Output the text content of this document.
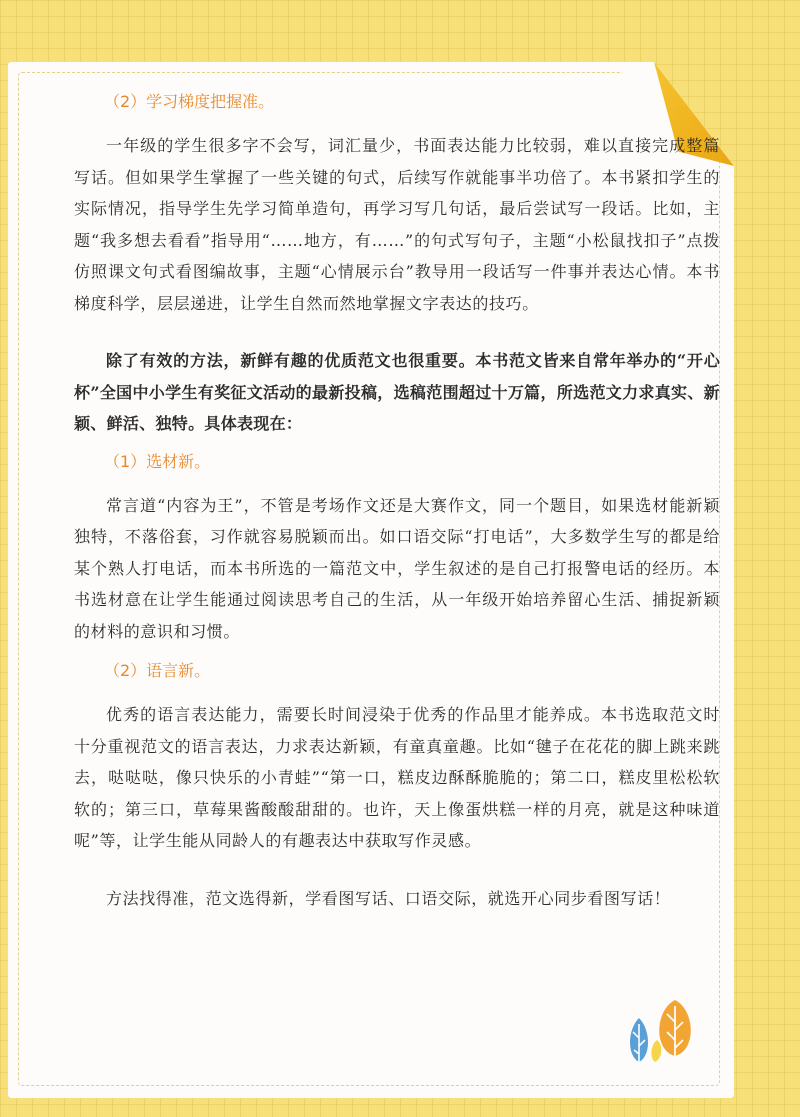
（2）学习梯度把握准。

一年级的学生很多字不会写，词汇量少，书面表达能力比较弱，难以直接完成整篇写话。但如果学生掌握了一些关键的句式，后续写作就能事半功倍了。本书紧扣学生的实际情况，指导学生先学习简单造句，再学习写几句话，最后尝试写一段话。比如，主题“我多想去看看”指导用“……地方，有……”的句式写句子，主题“小松鼠找扣子”点拨仿照课文句式看图编故事，主题“心情展示台”教导用一段话写一件事并表达心情。本书梯度科学，层层递进，让学生自然而然地掌握文字表达的技巧。

除了有效的方法，新鲜有趣的优质范文也很重要。本书范文皆来自常年举办的“开心杯”全国中小学生有奖征文活动的最新投稿，选稿范围超过十万篇，所选范文力求真实、新颖、鲜活、独特。具体表现在：

（1）选材新。

常言道“内容为王”，不管是考场作文还是大赛作文，同一个题目，如果选材能新颖独特，不落俗套，习作就容易脱颖而出。如口语交际“打电话”，大多数学生写的都是给某个熟人打电话，而本书所选的一篇范文中，学生叙述的是自己打报警电话的经历。本书选材意在让学生能通过阅读思考自己的生活，从一年级开始培养留心生活、捕捉新颖的材料的意识和习惯。

（2）语言新。

优秀的语言表达能力，需要长时间浸染于优秀的作品里才能养成。本书选取范文时十分重视范文的语言表达，力求表达新颖，有童真童趣。比如“毽子在花花的脚上跳来跳去，哒哒哒，像只快乐的小青蛙”“第一口，糕皮边酥酥脆脆的；第二口，糕皮里松松软软的；第三口，草莓果酱酸酸甜甜的。也许，天上像蛋烘糕一样的月亮，就是这种味道呢”等，让学生能从同龄人的有趣表达中获取写作灵感。

方法找得准，范文选得新，学看图写话、口语交际，就选开心同步看图写话！
